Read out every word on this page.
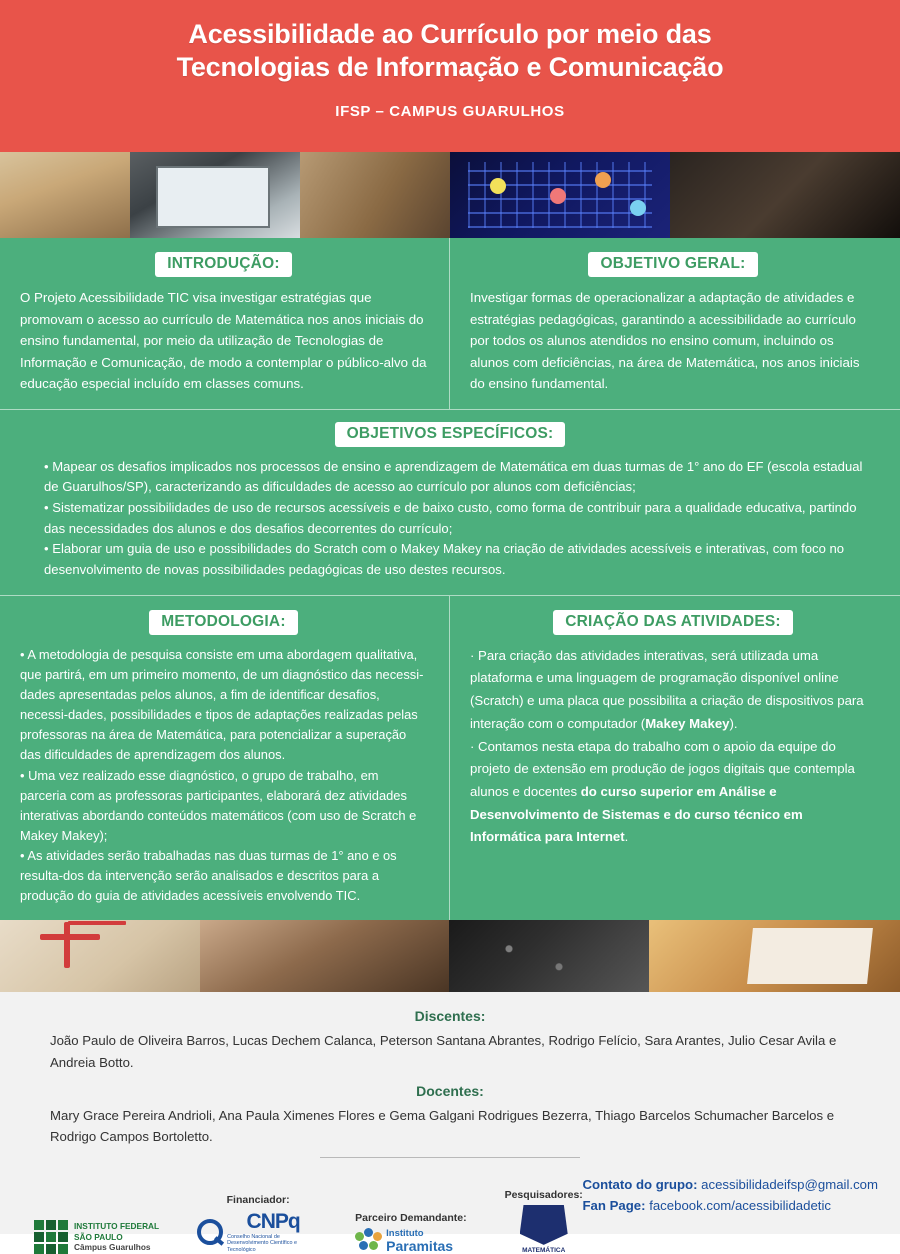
Acessibilidade ao Currículo por meio das
Tecnologias de Informação e Comunicação
IFSP – CAMPUS GUARULHOS
INTRODUÇÃO:

O Projeto Acessibilidade TIC visa investigar estratégias que promovam o acesso ao currículo de Matemática nos anos iniciais do ensino fundamental, por meio da utilização de Tecnologias de Informação e Comunicação, de modo a contemplar o público-alvo da educação especial incluído em classes comuns.

OBJETIVO GERAL:

Investigar formas de operacionalizar a adaptação de atividades e estratégias pedagógicas, garantindo a acessibilidade ao currículo por todos os alunos atendidos no ensino comum, incluindo os alunos com deficiências, na área de Matemática, nos anos iniciais do ensino fundamental.

OBJETIVOS ESPECÍFICOS:

• Mapear os desafios implicados nos processos de ensino e aprendizagem de Matemática em duas turmas de 1° ano do EF (escola estadual de Guarulhos/SP), caracterizando as dificuldades de acesso ao currículo por alunos com deficiências;

• Sistematizar possibilidades de uso de recursos acessíveis e de baixo custo, como forma de contribuir para a qualidade educativa, partindo das necessidades dos alunos e dos desafios decorrentes do currículo;

• Elaborar um guia de uso e possibilidades do Scratch com o Makey Makey na criação de atividades acessíveis e interativas, com foco no desenvolvimento de novas possibilidades pedagógicas de uso destes recursos.

METODOLOGIA:

• A metodologia de pesquisa consiste em uma abordagem qualitativa, que partirá, em um primeiro momento, de um diagnóstico das necessi-dades apresentadas pelos alunos, a fim de identificar desafios, necessi-dades, possibilidades e tipos de adaptações realizadas pelas professoras na área de Matemática, para potencializar a superação das dificuldades de aprendizagem dos alunos.

• Uma vez realizado esse diagnóstico, o grupo de trabalho, em parceria com as professoras participantes, elaborará dez atividades interativas abordando conteúdos matemáticos (com uso de Scratch e Makey Makey);

• As atividades serão trabalhadas nas duas turmas de 1° ano e os resulta-dos da intervenção serão analisados e descritos para a produção do guia de atividades acessíveis envolvendo TIC.

CRIAÇÃO DAS ATIVIDADES:

· Para criação das atividades interativas, será utilizada uma plataforma e uma linguagem de programação disponível online (Scratch) e uma placa que possibilita a criação de dispositivos para interação com o computador (Makey Makey).

· Contamos nesta etapa do trabalho com o apoio da equipe do projeto de extensão em produção de jogos digitais que contempla alunos e docentes do curso superior em Análise e Desenvolvimento de Sistemas e do curso técnico em Informática para Internet.

Discentes:
João Paulo de Oliveira Barros, Lucas Dechem Calanca, Peterson Santana Abrantes, Rodrigo Felício, Sara Arantes, Julio Cesar Avila e Andreia Botto.
Docentes:
Mary Grace Pereira Andrioli, Ana Paula Ximenes Flores e Gema Galgani Rodrigues Bezerra, Thiago Barcelos Schumacher Barcelos e Rodrigo Campos Bortoletto.
INSTITUTO FEDERAL
SÃO PAULO
Câmpus Guarulhos
Financiador:
CNPq
Conselho Nacional de Desenvolvimento Científico e Tecnológico
Parceiro Demandante:
Instituto
Paramitas
Pesquisadores:
MATEMÁTICA
Contato do grupo: acessibilidadeifsp@gmail.com
Fan Page: facebook.com/acessibilidadetic
